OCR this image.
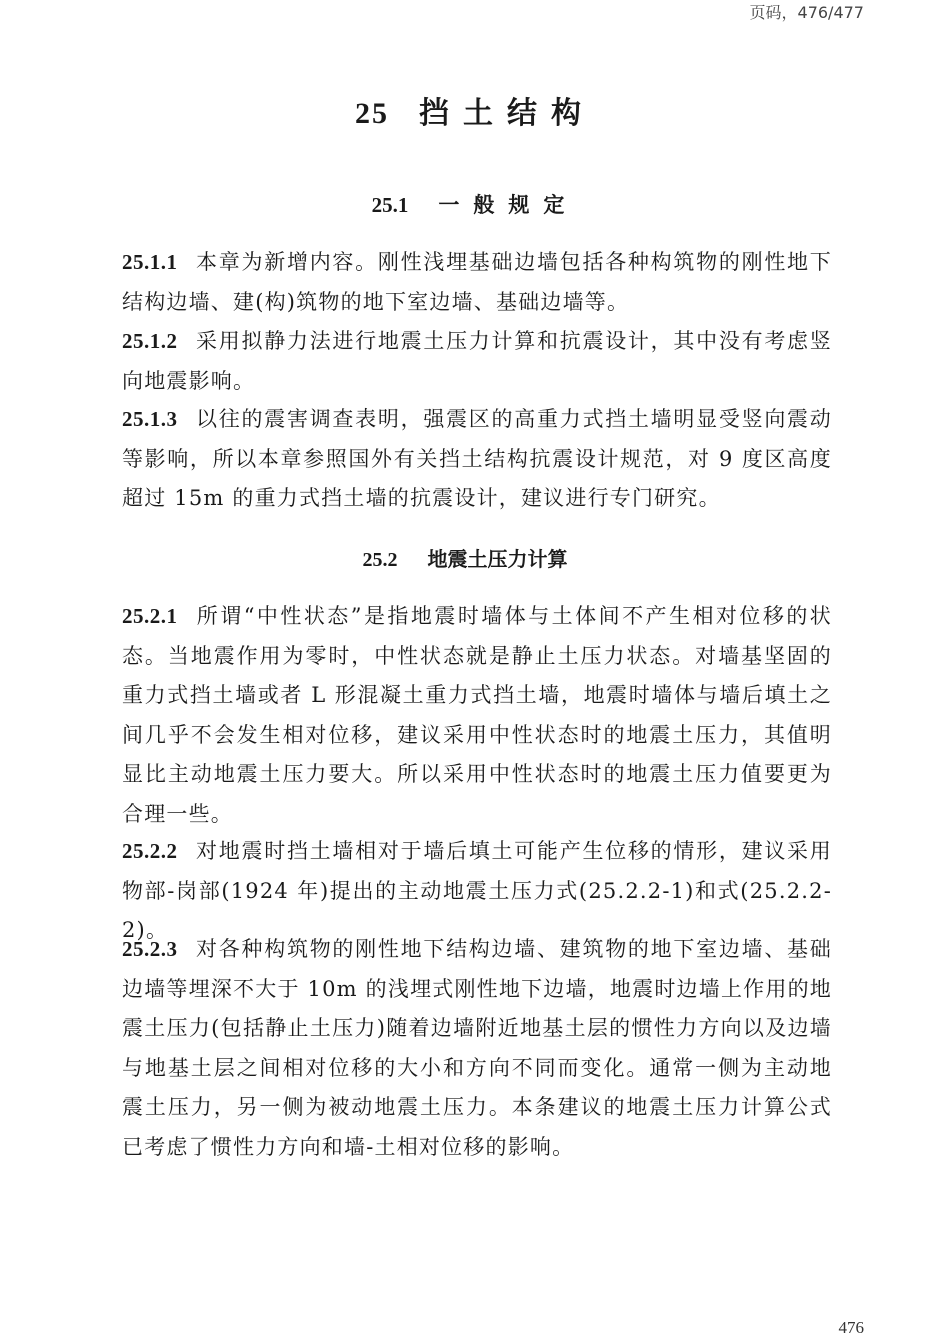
页码，476/477
25 挡土结构
25.1 一般规定
25.1.1 本章为新增内容。刚性浅埋基础边墙包括各种构筑物的刚性地下结构边墙、建(构)筑物的地下室边墙、基础边墙等。
25.1.2 采用拟静力法进行地震土压力计算和抗震设计，其中没有考虑竖向地震影响。
25.1.3 以往的震害调查表明，强震区的高重力式挡土墙明显受竖向震动等影响，所以本章参照国外有关挡土结构抗震设计规范，对 9 度区高度超过 15m 的重力式挡土墙的抗震设计，建议进行专门研究。
25.2 地震土压力计算
25.2.1 所谓“中性状态”是指地震时墙体与土体间不产生相对位移的状态。当地震作用为零时，中性状态就是静止土压力状态。对墙基坚固的重力式挡土墙或者 L 形混凝土重力式挡土墙，地震时墙体与墙后填土之间几乎不会发生相对位移，建议采用中性状态时的地震土压力，其值明显比主动地震土压力要大。所以采用中性状态时的地震土压力值要更为合理一些。
25.2.2 对地震时挡土墙相对于墙后填土可能产生位移的情形，建议采用物部-岗部(1924 年)提出的主动地震土压力式(25.2.2-1)和式(25.2.2-2)。
25.2.3 对各种构筑物的刚性地下结构边墙、建筑物的地下室边墙、基础边墙等埋深不大于 10m 的浅埋式刚性地下边墙，地震时边墙上作用的地震土压力(包括静止土压力)随着边墙附近地基土层的惯性力方向以及边墙与地基土层之间相对位移的大小和方向不同而变化。通常一侧为主动地震土压力，另一侧为被动地震土压力。本条建议的地震土压力计算公式已考虑了惯性力方向和墙-土相对位移的影响。
476
